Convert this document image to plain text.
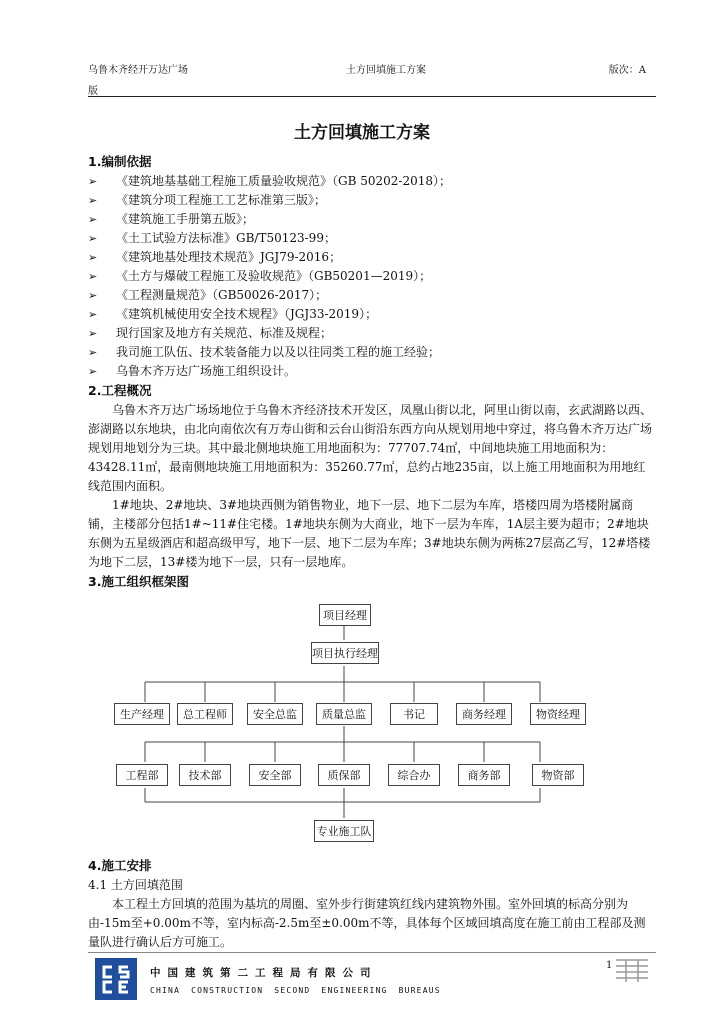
乌鲁木齐经开万达广场	土方回填施工方案	版次：A
版
土方回填施工方案
1.编制依据
➢ 《建筑地基基础工程施工质量验收规范》（GB 50202-2018）；
➢ 《建筑分项工程施工工艺标准第三版》；
➢ 《建筑施工手册第五版》；
➢ 《土工试验方法标准》GB/T50123-99；
➢ 《建筑地基处理技术规范》JGJ79-2016；
➢ 《土方与爆破工程施工及验收规范》（GB50201—2019）；
➢ 《工程测量规范》（GB50026-2017）；
➢ 《建筑机械使用安全技术规程》（JGJ33-2019）；
➢ 现行国家及地方有关规范、标准及规程；
➢ 我司施工队伍、技术装备能力以及以往同类工程的施工经验；
➢ 乌鲁木齐万达广场施工组织设计。
2.工程概况

乌鲁木齐万达广场场地位于乌鲁木齐经济技术开发区，凤凰山街以北，阿里山街以南，玄武湖路以西、澎湖路以东地块，由北向南依次有万寿山街和云台山街沿东西方向从规划用地中穿过，将乌鲁木齐万达广场规划用地划分为三块。其中最北侧地块施工用地面积为：77707.74㎡，中间地块施工用地面积为：43428.11㎡，最南侧地块施工用地面积为：35260.77㎡，总约占地235亩，以上施工用地面积为用地红线范围内面积。

1#地块、2#地块、3#地块西侧为销售物业，地下一层、地下二层为车库，塔楼四周为塔楼附属商铺，主楼部分包括1#~11#住宅楼。1#地块东侧为大商业，地下一层为车库，1A层主要为超市；2#地块东侧为五星级酒店和超高级甲写，地下一层、地下二层为车库；3#地块东侧为两栋27层高乙写，12#塔楼为地下二层，13#楼为地下一层，只有一层地库。

3.施工组织框架图
项目经理
项目执行经理
生产经理	总工程师	安全总监	质量总监	书记	商务经理	物资经理
工程部	技术部	安全部	质保部	综合办	商务部	物资部
专业施工队
4.施工安排
4.1 土方回填范围

本工程土方回填的范围为基坑的周圈、室外步行街建筑红线内建筑物外围。室外回填的标高分别为由-15m至+0.00m不等，室内标高-2.5m至±0.00m不等，具体每个区域回填高度在施工前由工程部及测量队进行确认后方可施工。

中国建筑第二工程局有限公司
CHINA CONSTRUCTION SECOND ENGINEERING BUREAUS
1
